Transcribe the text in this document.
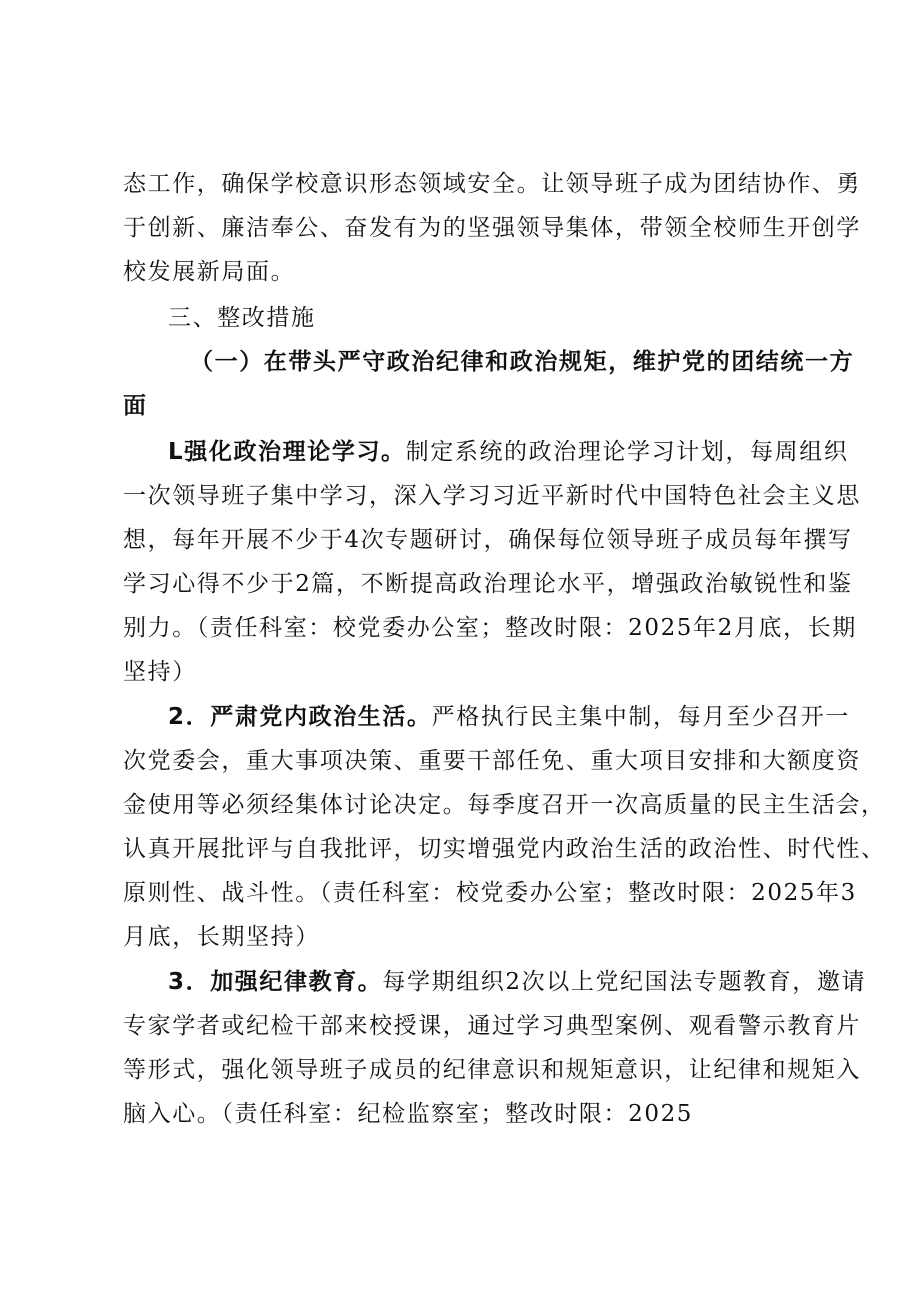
态工作，确保学校意识形态领域安全。让领导班子成为团结协作、勇
于创新、廉洁奉公、奋发有为的坚强领导集体，带领全校师生开创学
校发展新局面。
三、整改措施
（一）在带头严守政治纪律和政治规矩，维护党的团结统一方
面
L强化政治理论学习。制定系统的政治理论学习计划，每周组织
一次领导班子集中学习，深入学习习近平新时代中国特色社会主义思
想，每年开展不少于4次专题研讨，确保每位领导班子成员每年撰写
学习心得不少于2篇，不断提高政治理论水平，增强政治敏锐性和鉴
别力。（责任科室：校党委办公室；整改时限：2025年2月底，长期
坚持）
2．严肃党内政治生活。严格执行民主集中制，每月至少召开一
次党委会，重大事项决策、重要干部任免、重大项目安排和大额度资
金使用等必须经集体讨论决定。每季度召开一次高质量的民主生活会，
认真开展批评与自我批评，切实增强党内政治生活的政治性、时代性、
原则性、战斗性。（责任科室：校党委办公室；整改时限：2025年3
月底，长期坚持）
3．加强纪律教育。每学期组织2次以上党纪国法专题教育，邀请
专家学者或纪检干部来校授课，通过学习典型案例、观看警示教育片
等形式，强化领导班子成员的纪律意识和规矩意识，让纪律和规矩入
脑入心。（责任科室：纪检监察室；整改时限：2025
